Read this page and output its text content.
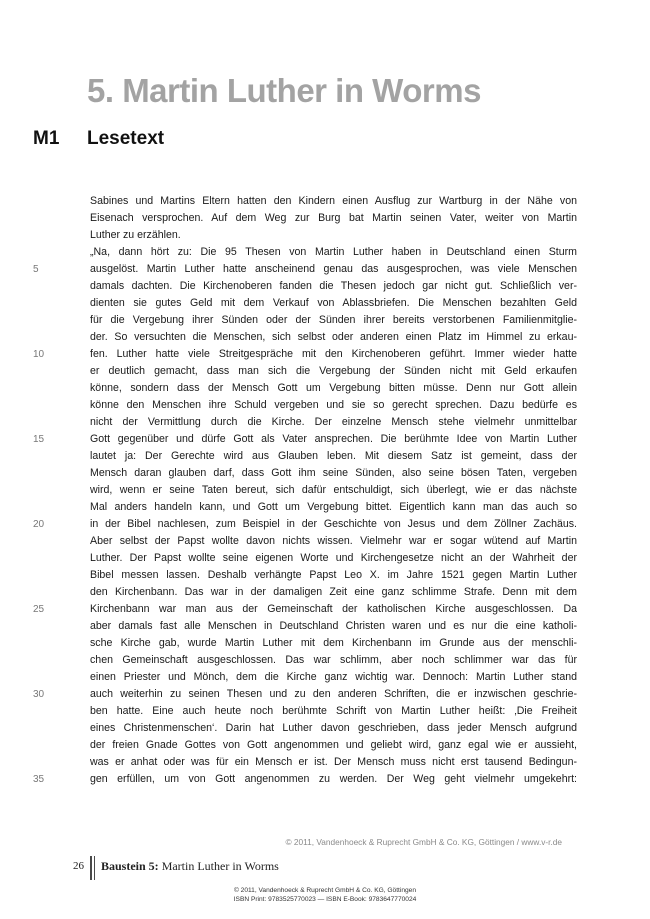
5. Martin Luther in Worms
M1 Lesetext
Sabines und Martins Eltern hatten den Kindern einen Ausflug zur Wartburg in der Nähe von
Eisenach versprochen. Auf dem Weg zur Burg bat Martin seinen Vater, weiter von Martin
Luther zu erzählen.
„Na, dann hört zu: Die 95 Thesen von Martin Luther haben in Deutschland einen Sturm
5	ausgelöst. Martin Luther hatte anscheinend genau das ausgesprochen, was viele Menschen
damals dachten. Die Kirchenoberen fanden die Thesen jedoch gar nicht gut. Schließlich ver-
dienten sie gutes Geld mit dem Verkauf von Ablassbriefen. Die Menschen bezahlten Geld
für die Vergebung ihrer Sünden oder der Sünden ihrer bereits verstorbenen Familienmitglie-
der. So versuchten die Menschen, sich selbst oder anderen einen Platz im Himmel zu erkau-
10	fen. Luther hatte viele Streitgespräche mit den Kirchenoberen geführt. Immer wieder hatte
er deutlich gemacht, dass man sich die Vergebung der Sünden nicht mit Geld erkaufen
könne, sondern dass der Mensch Gott um Vergebung bitten müsse. Denn nur Gott allein
könne den Menschen ihre Schuld vergeben und sie so gerecht sprechen. Dazu bedürfe es
nicht der Vermittlung durch die Kirche. Der einzelne Mensch stehe vielmehr unmittelbar
15	Gott gegenüber und dürfe Gott als Vater ansprechen. Die berühmte Idee von Martin Luther
lautet ja: Der Gerechte wird aus Glauben leben. Mit diesem Satz ist gemeint, dass der
Mensch daran glauben darf, dass Gott ihm seine Sünden, also seine bösen Taten, vergeben
wird, wenn er seine Taten bereut, sich dafür entschuldigt, sich überlegt, wie er das nächste
Mal anders handeln kann, und Gott um Vergebung bittet. Eigentlich kann man das auch so
20	in der Bibel nachlesen, zum Beispiel in der Geschichte von Jesus und dem Zöllner Zachäus.
Aber selbst der Papst wollte davon nichts wissen. Vielmehr war er sogar wütend auf Martin
Luther. Der Papst wollte seine eigenen Worte und Kirchengesetze nicht an der Wahrheit der
Bibel messen lassen. Deshalb verhängte Papst Leo X. im Jahre 1521 gegen Martin Luther
den Kirchenbann. Das war in der damaligen Zeit eine ganz schlimme Strafe. Denn mit dem
25	Kirchenbann war man aus der Gemeinschaft der katholischen Kirche ausgeschlossen. Da
aber damals fast alle Menschen in Deutschland Christen waren und es nur die eine katholi-
sche Kirche gab, wurde Martin Luther mit dem Kirchenbann im Grunde aus der menschli-
chen Gemeinschaft ausgeschlossen. Das war schlimm, aber noch schlimmer war das für
einen Priester und Mönch, dem die Kirche ganz wichtig war. Dennoch: Martin Luther stand
30	auch weiterhin zu seinen Thesen und zu den anderen Schriften, die er inzwischen geschrie-
ben hatte. Eine auch heute noch berühmte Schrift von Martin Luther heißt: ‚Die Freiheit
eines Christenmenschen‘. Darin hat Luther davon geschrieben, dass jeder Mensch aufgrund
der freien Gnade Gottes von Gott angenommen und geliebt wird, ganz egal wie er aussieht,
was er anhat oder was für ein Mensch er ist. Der Mensch muss nicht erst tausend Bedingun-
35	gen erfüllen, um von Gott angenommen zu werden. Der Weg geht vielmehr umgekehrt:
© 2011, Vandenhoeck & Ruprecht GmbH & Co. KG, Göttingen / www.v-r.de
26 Baustein 5: Martin Luther in Worms
© 2011, Vandenhoeck & Ruprecht GmbH & Co. KG, Göttingen
ISBN Print: 9783525770023 — ISBN E-Book: 9783647770024
